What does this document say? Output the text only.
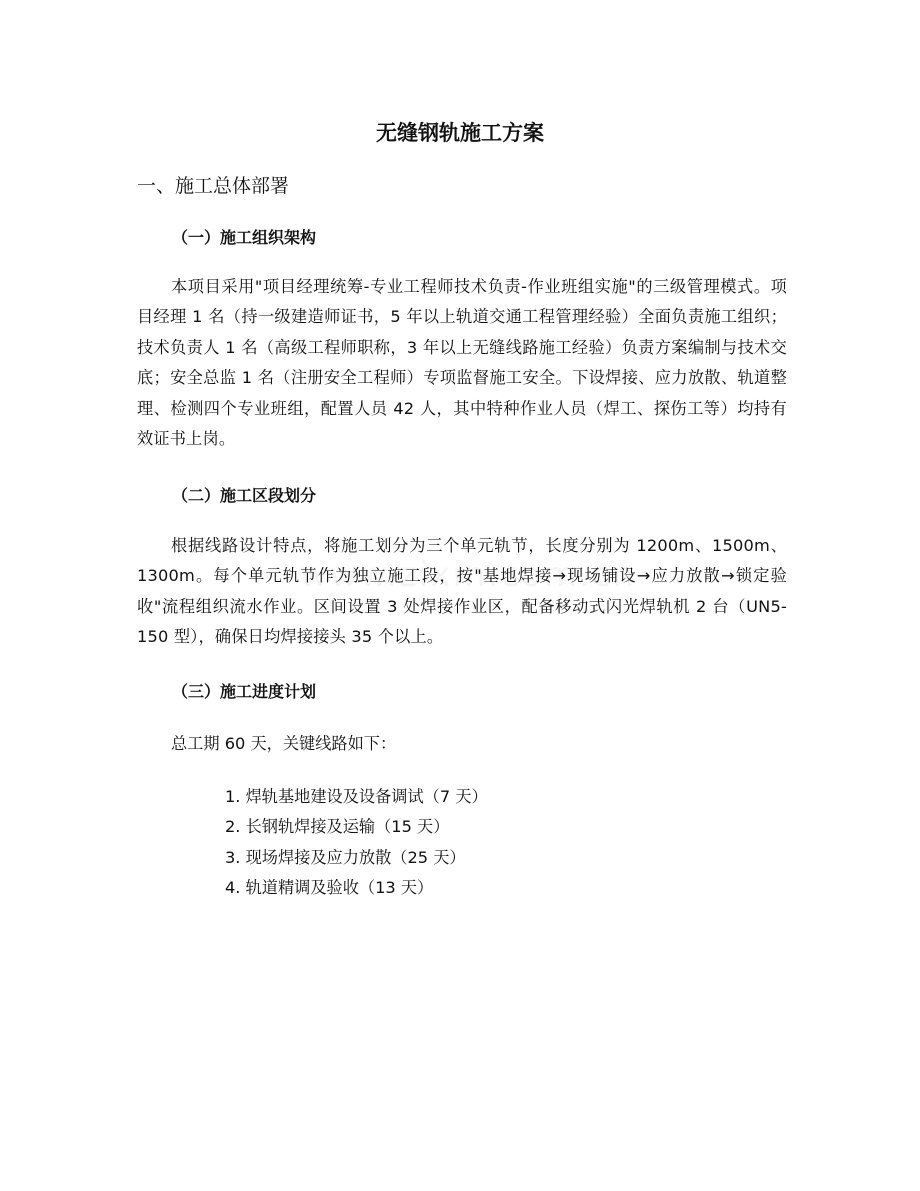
无缝钢轨施工方案
一、施工总体部署
（一）施工组织架构

本项目采用"项目经理统筹-专业工程师技术负责-作业班组实施"的三级管理模式。项目经理 1 名（持一级建造师证书，5 年以上轨道交通工程管理经验）全面负责施工组织；技术负责人 1 名（高级工程师职称，3 年以上无缝线路施工经验）负责方案编制与技术交底；安全总监 1 名（注册安全工程师）专项监督施工安全。下设焊接、应力放散、轨道整理、检测四个专业班组，配置人员 42 人，其中特种作业人员（焊工、探伤工等）均持有效证书上岗。

（二）施工区段划分

根据线路设计特点，将施工划分为三个单元轨节，长度分别为 1200m、1500m、1300m。每个单元轨节作为独立施工段，按"基地焊接→现场铺设→应力放散→锁定验收"流程组织流水作业。区间设置 3 处焊接作业区，配备移动式闪光焊轨机 2 台（UN5-150 型），确保日均焊接接头 35 个以上。

（三）施工进度计划

总工期 60 天，关键线路如下：

1. 焊轨基地建设及设备调试（7 天）
2. 长钢轨焊接及运输（15 天）
3. 现场焊接及应力放散（25 天）
4. 轨道精调及验收（13 天）
